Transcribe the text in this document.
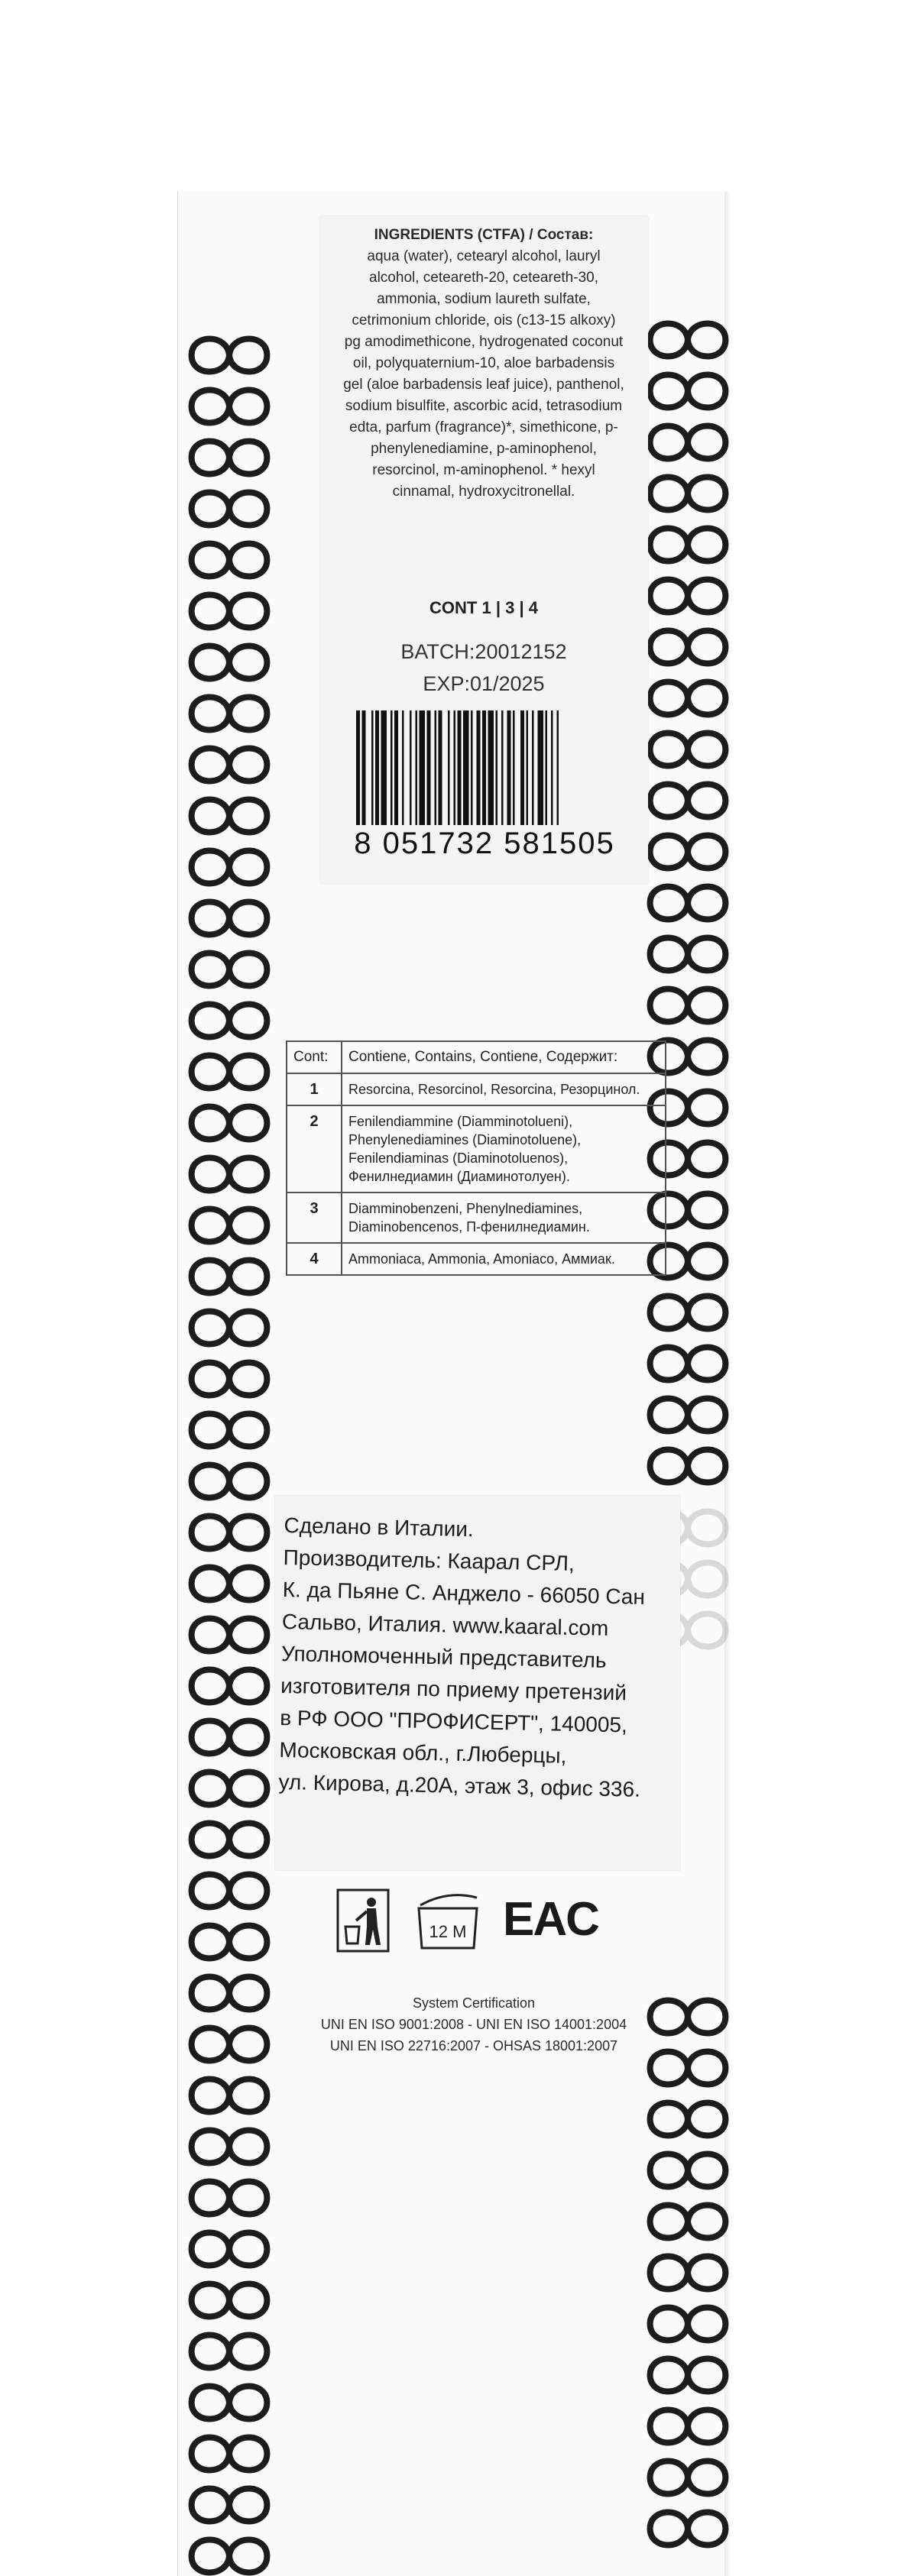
INGREDIENTS (CTFA) / Состав:
aqua (water), cetearyl alcohol, lauryl alcohol, ceteareth-20, ceteareth-30, ammonia, sodium laureth sulfate, cetrimonium chloride, ois (c13-15 alkoxy) pg amodimethicone, hydrogenated coconut oil, polyquaternium-10, aloe barbadensis gel (aloe barbadensis leaf juice), panthenol, sodium bisulfite, ascorbic acid, tetrasodium edta, parfum (fragrance)*, simethicone, p-phenylenediamine, p-aminophenol, resorcinol, m-aminophenol. * hexyl cinnamal, hydroxycitronellal.
CONT 1 | 3 | 4
BATCH:20012152
EXP:01/2025
8 051732 581505
Cont:	Contiene, Contains, Contiene, Содержит:
1	Resorcina, Resorcinol, Resorcina, Резорцинол.
2	Fenilendiammine (Diamminotolueni), Phenylenediamines (Diaminotoluene), Fenilendiaminas (Diaminotoluenos), Фенилнедиамин (Диаминотолуен).
3	Diamminobenzeni, Phenylnediamines, Diaminobencenos, П-фенилнедиамин.
4	Ammoniaca, Ammonia, Amoniaco, Аммиак.
Сделано в Италии.
Производитель: Каарал СРЛ,
К. да Пьяне С. Анджело - 66050 Сан
Сальво, Италия. www.kaaral.com
Уполномоченный представитель
изготовителя по приему претензий
в РФ ООО "ПРОФИСЕРТ", 140005,
Московская обл., г.Люберцы,
ул. Кирова, д.20А, этаж 3, офис 336.
12 M EAC
System Certification
UNI EN ISO 9001:2008 - UNI EN ISO 14001:2004
UNI EN ISO 22716:2007 - OHSAS 18001:2007
